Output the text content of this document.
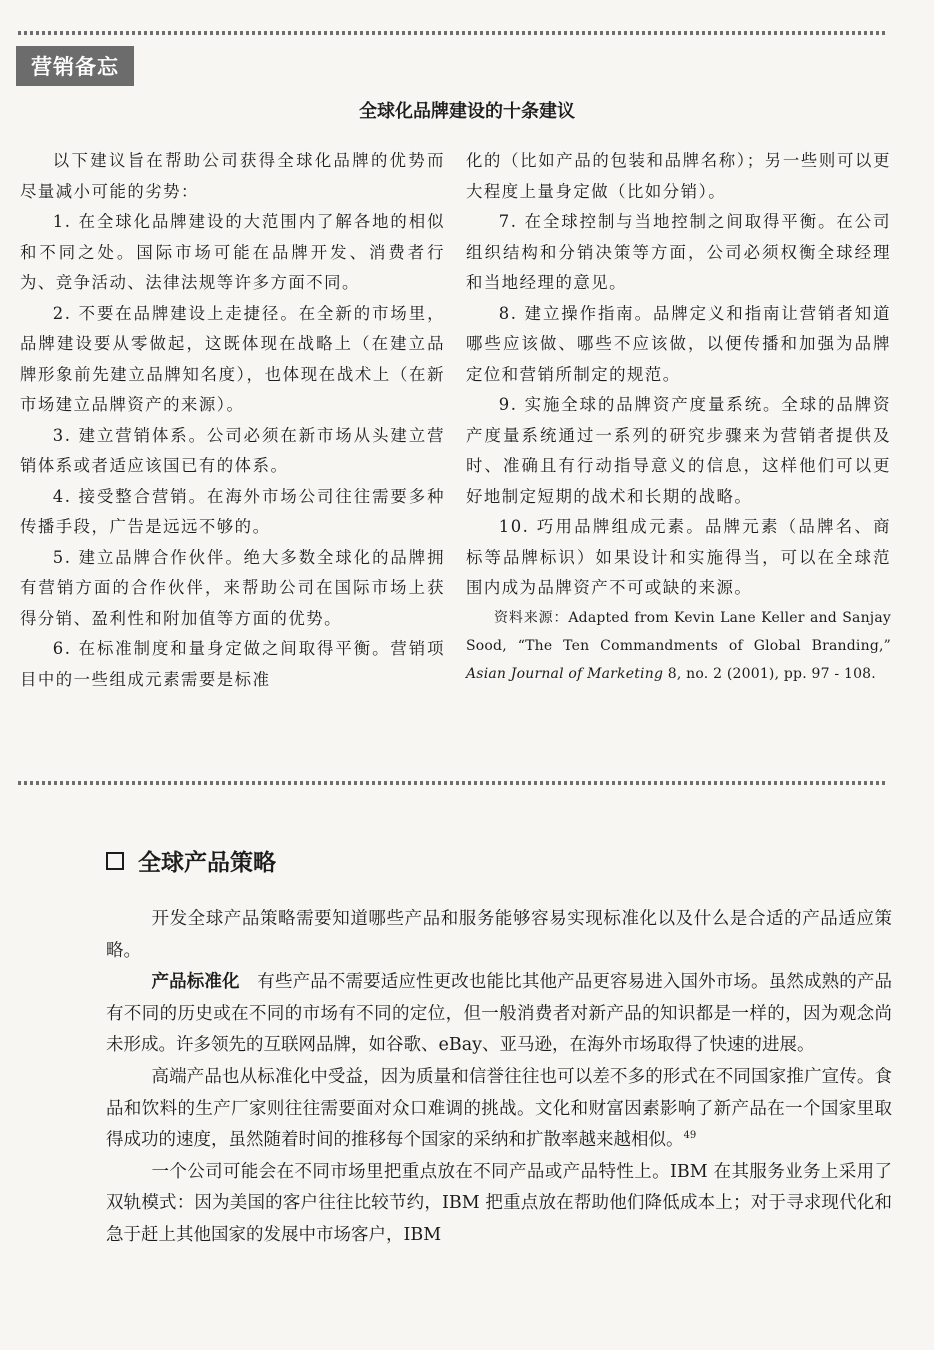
营销备忘
全球化品牌建设的十条建议

以下建议旨在帮助公司获得全球化品牌的优势而尽量减小可能的劣势：

1. 在全球化品牌建设的大范围内了解各地的相似和不同之处。国际市场可能在品牌开发、消费者行为、竞争活动、法律法规等许多方面不同。

2. 不要在品牌建设上走捷径。在全新的市场里，品牌建设要从零做起，这既体现在战略上（在建立品牌形象前先建立品牌知名度），也体现在战术上（在新市场建立品牌资产的来源）。

3. 建立营销体系。公司必须在新市场从头建立营销体系或者适应该国已有的体系。

4. 接受整合营销。在海外市场公司往往需要多种传播手段，广告是远远不够的。

5. 建立品牌合作伙伴。绝大多数全球化的品牌拥有营销方面的合作伙伴，来帮助公司在国际市场上获得分销、盈利性和附加值等方面的优势。

6. 在标准制度和量身定做之间取得平衡。营销项目中的一些组成元素需要是标准

化的（比如产品的包装和品牌名称）；另一些则可以更大程度上量身定做（比如分销）。

7. 在全球控制与当地控制之间取得平衡。在公司组织结构和分销决策等方面，公司必须权衡全球经理和当地经理的意见。

8. 建立操作指南。品牌定义和指南让营销者知道哪些应该做、哪些不应该做，以便传播和加强为品牌定位和营销所制定的规范。

9. 实施全球的品牌资产度量系统。全球的品牌资产度量系统通过一系列的研究步骤来为营销者提供及时、准确且有行动指导意义的信息，这样他们可以更好地制定短期的战术和长期的战略。

10. 巧用品牌组成元素。品牌元素（品牌名、商标等品牌标识）如果设计和实施得当，可以在全球范围内成为品牌资产不可或缺的来源。

资料来源：Adapted from Kevin Lane Keller and Sanjay Sood, “The Ten Commandments of Global Branding,” Asian Journal of Marketing 8, no. 2 (2001), pp. 97 - 108.

全球产品策略

开发全球产品策略需要知道哪些产品和服务能够容易实现标准化以及什么是合适的产品适应策略。

产品标准化　有些产品不需要适应性更改也能比其他产品更容易进入国外市场。虽然成熟的产品有不同的历史或在不同的市场有不同的定位，但一般消费者对新产品的知识都是一样的，因为观念尚未形成。许多领先的互联网品牌，如谷歌、eBay、亚马逊，在海外市场取得了快速的进展。

高端产品也从标准化中受益，因为质量和信誉往往也可以差不多的形式在不同国家推广宣传。食品和饮料的生产厂家则往往需要面对众口难调的挑战。文化和财富因素影响了新产品在一个国家里取得成功的速度，虽然随着时间的推移每个国家的采纳和扩散率越来越相似。$^{49}$

一个公司可能会在不同市场里把重点放在不同产品或产品特性上。IBM 在其服务业务上采用了双轨模式：因为美国的客户往往比较节约，IBM 把重点放在帮助他们降低成本上；对于寻求现代化和急于赶上其他国家的发展中市场客户，IBM
